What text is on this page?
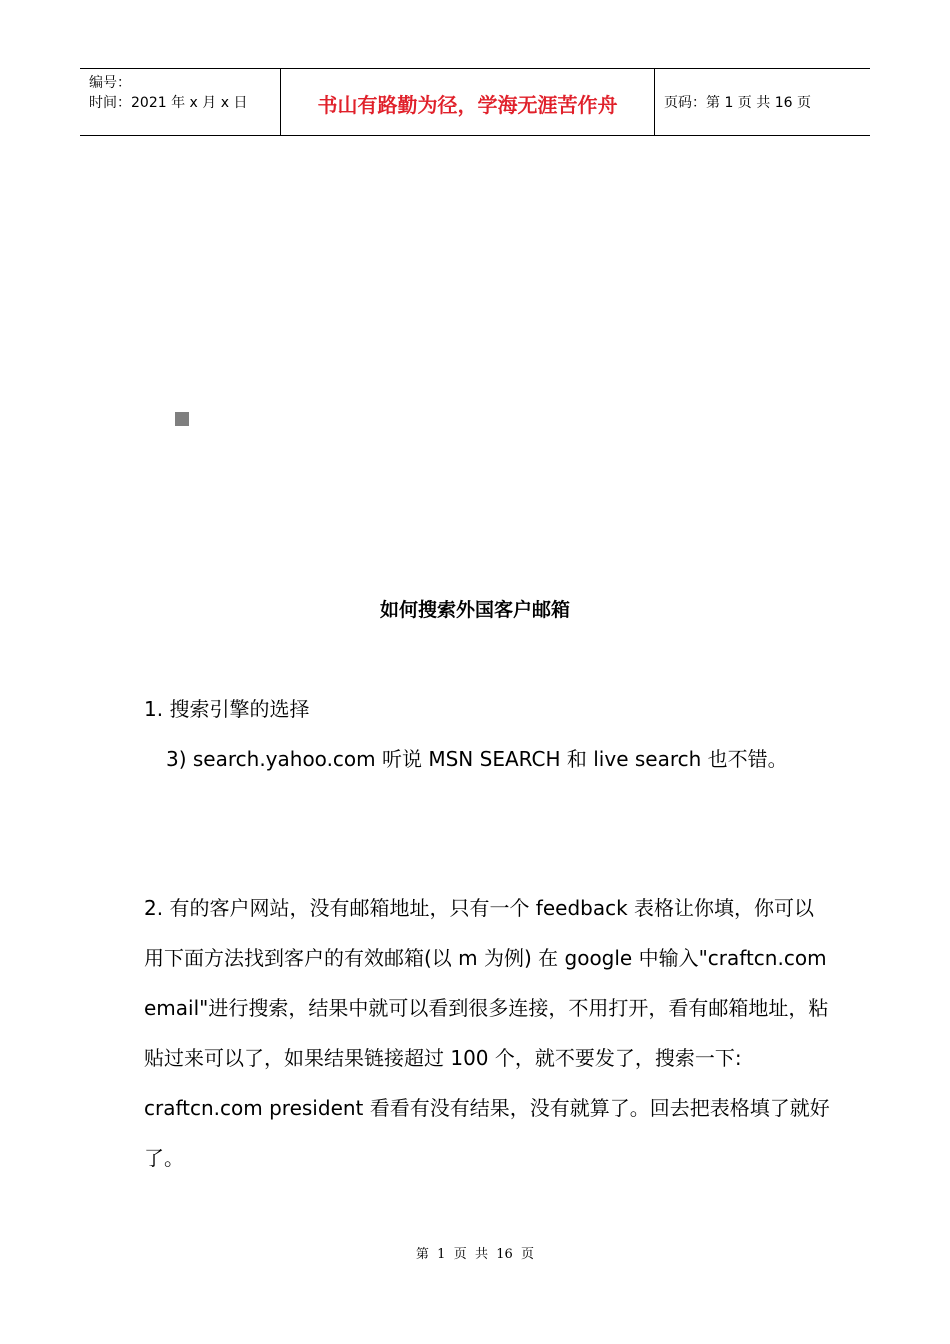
编号：
时间：2021 年 x 月 x 日	书山有路勤为径，学海无涯苦作舟	页码：第 1 页 共 16 页
如何搜索外国客户邮箱

1. 搜索引擎的选择

3) search.yahoo.com 听说 MSN SEARCH 和 live search 也不错。

2. 有的客户网站，没有邮箱地址，只有一个 feedback 表格让你填，你可以用下面方法找到客户的有效邮箱(以 m 为例) 在 google 中输入"craftcn.com email"进行搜索，结果中就可以看到很多连接，不用打开，看有邮箱地址，粘贴过来可以了，如果结果链接超过 100 个，就不要发了，搜索一下: craftcn.com president 看看有没有结果，没有就算了。回去把表格填了就好了。

第  1  页  共  16  页
